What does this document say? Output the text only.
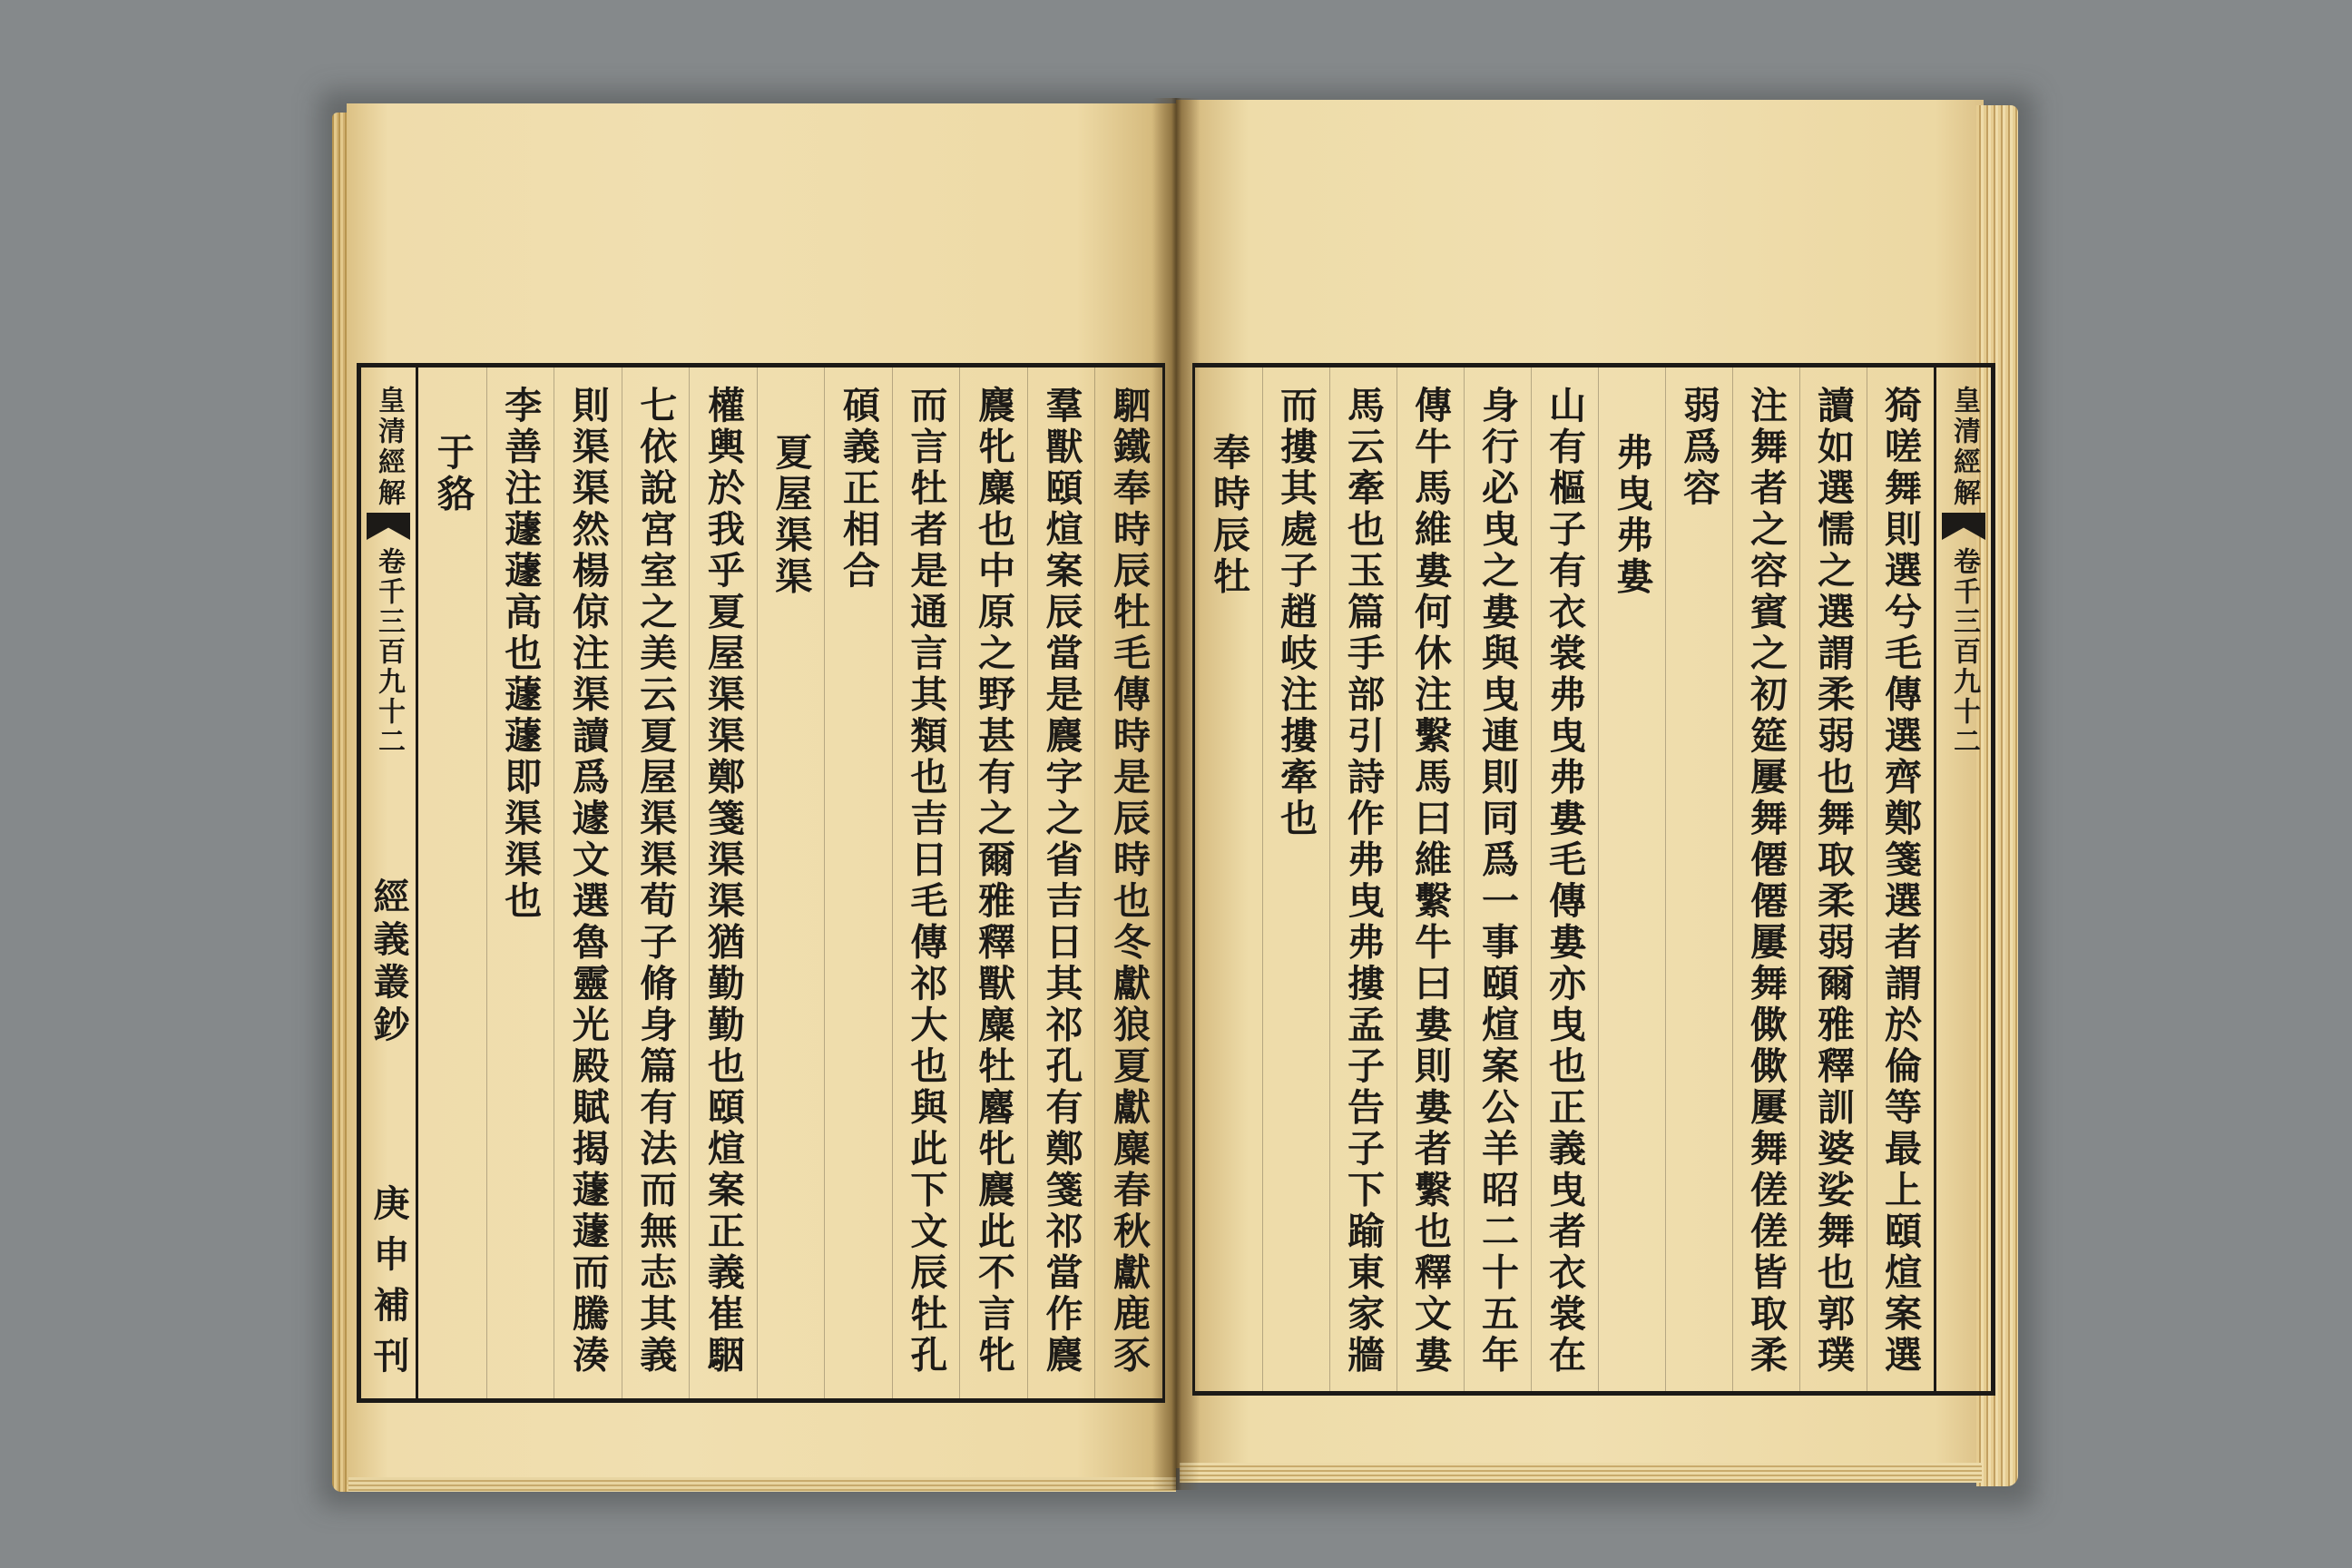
皇清經解
卷千三百九十二
經義叢鈔
庚申補刊	駟鐵奉時辰牡毛傳時是辰時也冬獻狼夏獻麋春秋獻鹿豕
羣獸頤煊案辰當是麎字之省吉日其祁孔有鄭箋祁當作麎
麎牝麋也中原之野甚有之爾雅釋獸麋牡麔牝麎此不言牝
而言牡者是通言其類也吉日毛傳祁大也與此下文辰牡孔
碩義正相合
夏屋渠渠
權輿於我乎夏屋渠渠鄭箋渠渠猶勤勤也頤煊案正義崔駰
七依說宮室之美云夏屋渠渠荀子脩身篇有法而無志其義
則渠渠然楊倞注渠讀爲遽文選魯靈光殿賦揭蘧蘧而騰湊
李善注蘧蘧高也蘧蘧即渠渠也
于貉	猗嗟舞則選兮毛傳選齊鄭箋選者謂於倫等最上頤煊案選
讀如選懦之選謂柔弱也舞取柔弱爾雅釋訓婆娑舞也郭璞
注舞者之容賓之初筵屢舞僊僊屢舞僛僛屢舞傞傞皆取柔
弱爲容
弗曳弗婁
山有樞子有衣裳弗曳弗婁毛傳婁亦曳也正義曳者衣裳在
身行必曳之婁與曳連則同爲一事頤煊案公羊昭二十五年
傳牛馬維婁何休注繫馬曰維繫牛曰婁則婁者繫也釋文婁
馬云牽也玉篇手部引詩作弗曳弗摟孟子告子下踰東家牆
而摟其處子趙岐注摟牽也
奉時辰牡	皇清經解
卷千三百九十二
